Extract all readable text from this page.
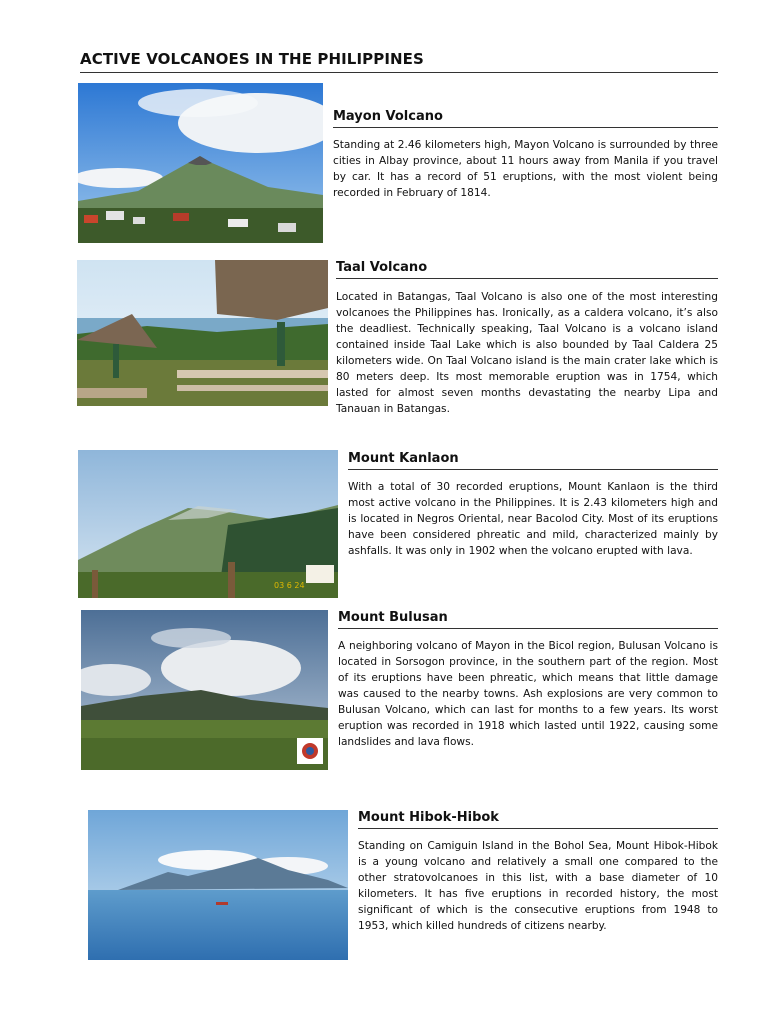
ACTIVE VOLCANOES IN THE PHILIPPINES
Mayon Volcano

Standing at 2.46 kilometers high, Mayon Volcano is surrounded by three cities in Albay province, about 11 hours away from Manila if you travel by car. It has a record of 51 eruptions, with the most violent being recorded in February of 1814.

Taal Volcano

Located in Batangas, Taal Volcano is also one of the most interesting volcanoes the Philippines has. Ironically, as a caldera volcano, it’s also the deadliest. Technically speaking, Taal Volcano is a volcano island contained inside Taal Lake which is also bounded by Taal Caldera 25 kilometers wide. On Taal Volcano island is the main crater lake which is 80 meters deep. Its most memorable eruption was in 1754, which lasted for almost seven months devastating the nearby Lipa and Tanauan in Batangas.

03 6 24
Mount Kanlaon

With a total of 30 recorded eruptions, Mount Kanlaon is the third most active volcano in the Philippines. It is 2.43 kilometers high and is located in Negros Oriental, near Bacolod City. Most of its eruptions have been considered phreatic and mild, characterized mainly by ashfalls. It was only in 1902 when the volcano erupted with lava.

Mount Bulusan

A neighboring volcano of Mayon in the Bicol region, Bulusan Volcano is located in Sorsogon province, in the southern part of the region. Most of its eruptions have been phreatic, which means that little damage was caused to the nearby towns. Ash explosions are very common to Bulusan Volcano, which can last for months to a few years. Its worst eruption was recorded in 1918 which lasted until 1922, causing some landslides and lava flows.

Mount Hibok-Hibok

Standing on Camiguin Island in the Bohol Sea, Mount Hibok-Hibok is a young volcano and relatively a small one compared to the other stratovolcanoes in this list, with a base diameter of 10 kilometers. It has five eruptions in recorded history, the most significant of which is the consecutive eruptions from 1948 to 1953, which killed hundreds of citizens nearby.
